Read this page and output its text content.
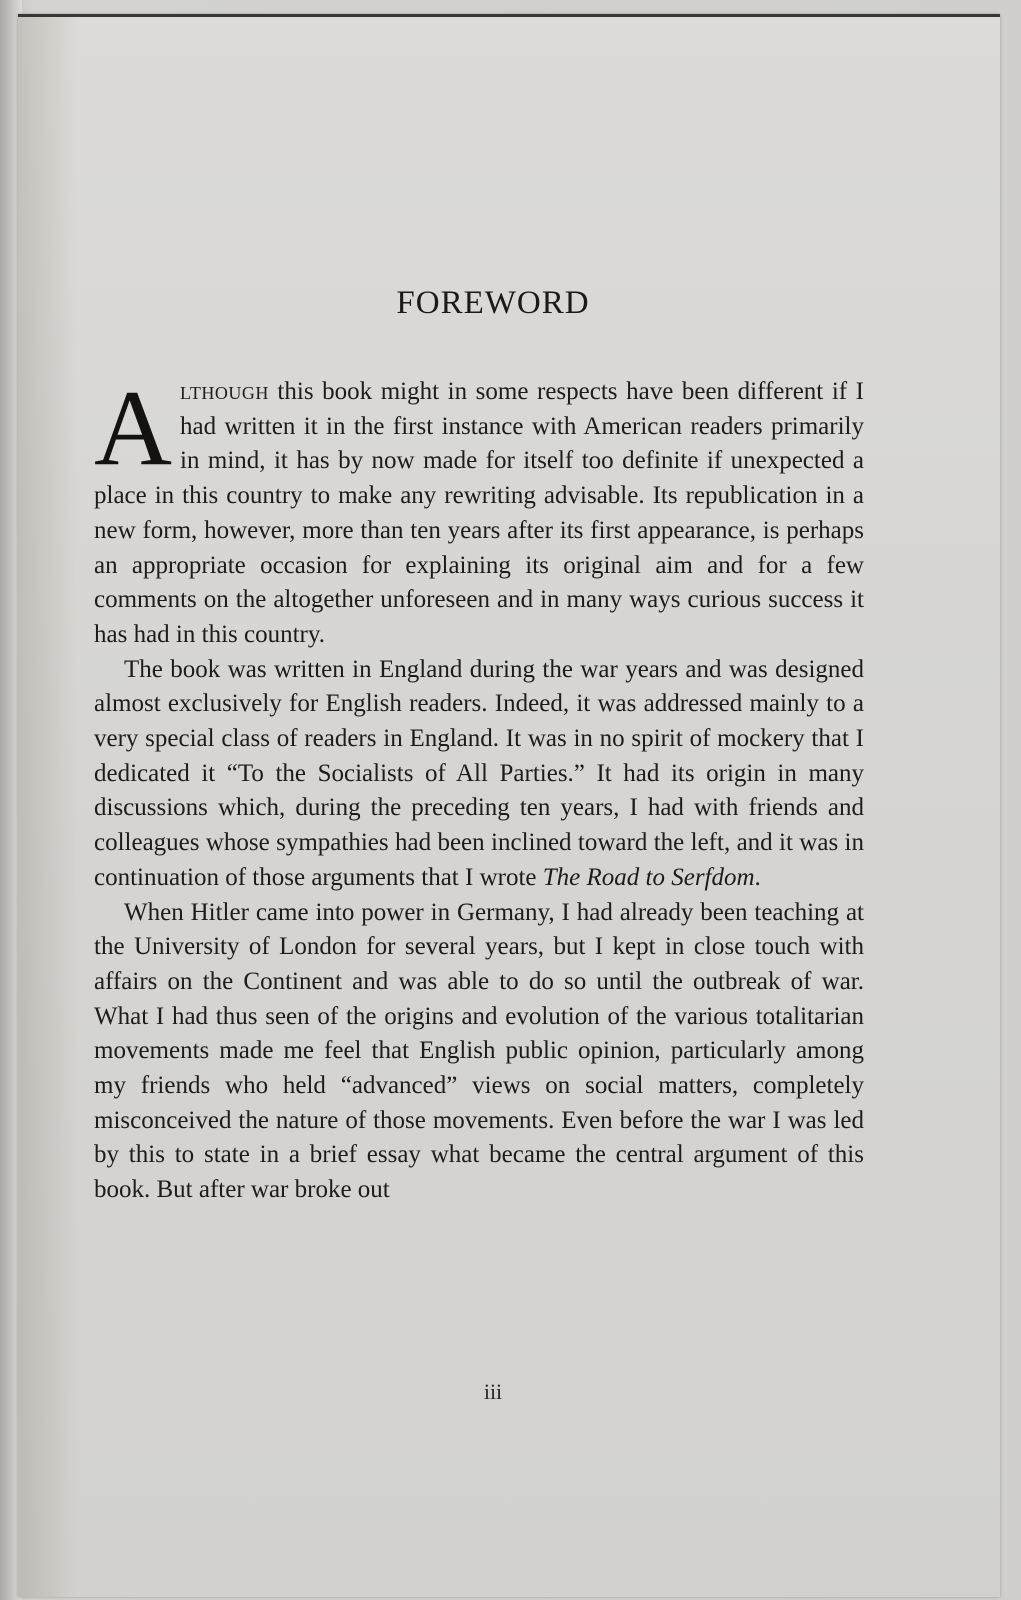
FOREWORD

Although this book might in some respects have been different if I had written it in the first instance with American readers primarily in mind, it has by now made for itself too definite if unexpected a place in this country to make any rewriting advisable. Its republication in a new form, however, more than ten years after its first appearance, is perhaps an appropriate occasion for explaining its original aim and for a few comments on the altogether unforeseen and in many ways curious success it has had in this country.

The book was written in England during the war years and was designed almost exclusively for English readers. Indeed, it was addressed mainly to a very special class of readers in England. It was in no spirit of mockery that I dedicated it “To the Socialists of All Parties.” It had its origin in many discussions which, during the preceding ten years, I had with friends and colleagues whose sympathies had been inclined toward the left, and it was in continuation of those arguments that I wrote The Road to Serfdom.

When Hitler came into power in Germany, I had already been teaching at the University of London for several years, but I kept in close touch with affairs on the Continent and was able to do so until the outbreak of war. What I had thus seen of the origins and evolution of the various totalitarian movements made me feel that English public opinion, particularly among my friends who held “advanced” views on social matters, completely misconceived the nature of those movements. Even before the war I was led by this to state in a brief essay what became the central argument of this book. But after war broke out

iii
